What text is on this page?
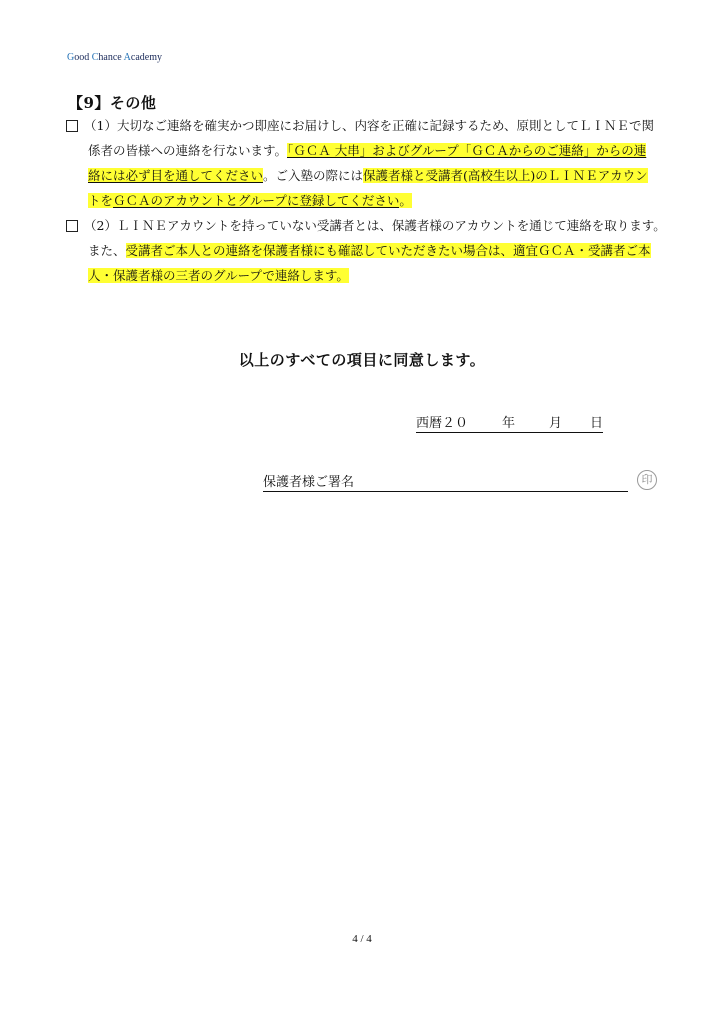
Good Chance Academy
【9】その他
（1）大切なご連絡を確実かつ即座にお届けし、内容を正確に記録するため、原則としてＬＩＮＥで関
係者の皆様への連絡を行ないます。「ＧＣＡ 大串」およびグループ「ＧＣＡからのご連絡」からの連
絡には必ず目を通してください。ご入塾の際には保護者様と受講者(高校生以上)のＬＩＮＥアカウン
トをＧＣＡのアカウントとグループに登録してください。
（2）ＬＩＮＥアカウントを持っていない受講者とは、保護者様のアカウントを通じて連絡を取ります。
また、受講者ご本人との連絡を保護者様にも確認していただきたい場合は、適宜ＧＣＡ・受講者ご本
人・保護者様の三者のグループで連絡します。
以上のすべての項目に同意します。
西暦２０	年	月 日
保護者様ご署名	印
4 / 4
